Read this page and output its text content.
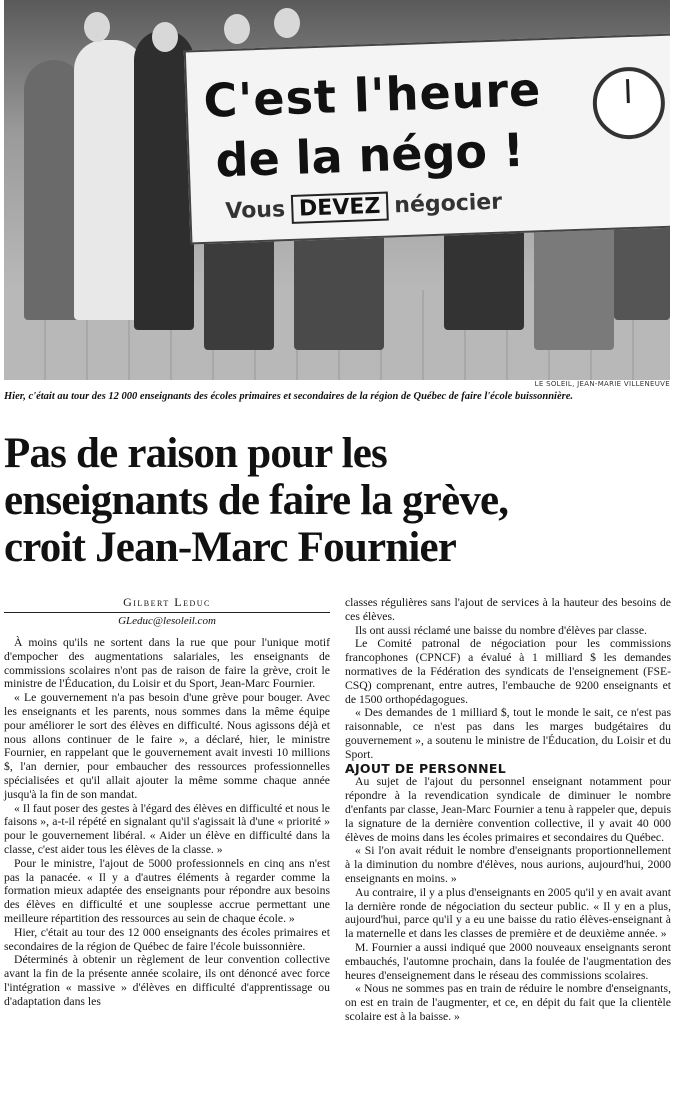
C'est l'heure
de la négo !
Vous DEVEZ négocier
LE SOLEIL, JEAN-MARIE VILLENEUVE
Hier, c'était au tour des 12 000 enseignants des écoles primaires et secondaires de la région de Québec de faire l'école buissonnière.
Pas de raison pour les
enseignants de faire la grève,
croit Jean-Marc Fournier
Gilbert Leduc
GLeduc@lesoleil.com

À moins qu'ils ne sortent dans la rue que pour l'unique motif d'empocher des augmentations salariales, les enseignants de commissions scolaires n'ont pas de raison de faire la grève, croit le ministre de l'Éducation, du Loisir et du Sport, Jean-Marc Fournier.

« Le gouvernement n'a pas besoin d'une grève pour bouger. Avec les enseignants et les parents, nous sommes dans la même équipe pour améliorer le sort des élèves en difficulté. Nous agissons déjà et nous allons continuer de le faire », a déclaré, hier, le ministre Fournier, en rappelant que le gouvernement avait investi 10 millions $, l'an dernier, pour embaucher des ressources professionnelles spécialisées et qu'il allait ajouter la même somme chaque année jusqu'à la fin de son mandat.

« Il faut poser des gestes à l'égard des élèves en difficulté et nous le faisons », a-t-il répété en signalant qu'il s'agissait là d'une « priorité » pour le gouvernement libéral. « Aider un élève en difficulté dans la classe, c'est aider tous les élèves de la classe. »

Pour le ministre, l'ajout de 5000 professionnels en cinq ans n'est pas la panacée. « Il y a d'autres éléments à regarder comme la formation mieux adaptée des enseignants pour répondre aux besoins des élèves en difficulté et une souplesse accrue permettant une meilleure répartition des ressources au sein de chaque école. »

Hier, c'était au tour des 12 000 enseignants des écoles primaires et secondaires de la région de Québec de faire l'école buissonnière.

Déterminés à obtenir un règlement de leur convention collective avant la fin de la présente année scolaire, ils ont dénoncé avec force l'intégration « massive » d'élèves en difficulté d'apprentissage ou d'adaptation dans les

classes régulières sans l'ajout de services à la hauteur des besoins de ces élèves.

Ils ont aussi réclamé une baisse du nombre d'élèves par classe.

Le Comité patronal de négociation pour les commissions francophones (CPNCF) a évalué à 1 milliard $ les demandes normatives de la Fédération des syndicats de l'enseignement (FSE-CSQ) comprenant, entre autres, l'embauche de 9200 enseignants et de 1500 orthopédagogues.

« Des demandes de 1 milliard $, tout le monde le sait, ce n'est pas raisonnable, ce n'est pas dans les marges budgétaires du gouvernement », a soutenu le ministre de l'Éducation, du Loisir et du Sport.

AJOUT DE PERSONNEL

Au sujet de l'ajout du personnel enseignant notamment pour répondre à la revendication syndicale de diminuer le nombre d'enfants par classe, Jean-Marc Fournier a tenu à rappeler que, depuis la signature de la dernière convention collective, il y avait 40 000 élèves de moins dans les écoles primaires et secondaires du Québec.

« Si l'on avait réduit le nombre d'enseignants proportionnellement à la diminution du nombre d'élèves, nous aurions, aujourd'hui, 2000 enseignants en moins. »

Au contraire, il y a plus d'enseignants en 2005 qu'il y en avait avant la dernière ronde de négociation du secteur public. « Il y en a plus, aujourd'hui, parce qu'il y a eu une baisse du ratio élèves-enseignant à la maternelle et dans les classes de première et de deuxième année. »

M. Fournier a aussi indiqué que 2000 nouveaux enseignants seront embauchés, l'automne prochain, dans la foulée de l'augmentation des heures d'enseignement dans le réseau des commissions scolaires.

« Nous ne sommes pas en train de réduire le nombre d'enseignants, on est en train de l'augmenter, et ce, en dépit du fait que la clientèle scolaire est à la baisse. »
